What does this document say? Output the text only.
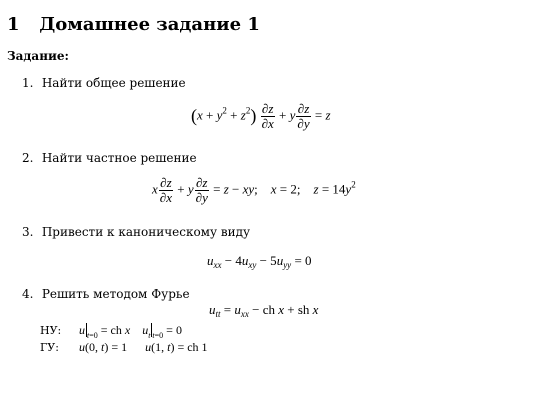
1 Домашнее задание 1
Задание:
1. Найти общее решение
$(x + y^2 + z^2) \frac{\partial z}{\partial x} + y \frac{\partial z}{\partial y} = z$
2. Найти частное решение
x $\frac{\partial z}{\partial x} + y \frac{\partial z}{\partial y} = z$ − xy;    x = 2;    $z = 14y^2$
3. Привести к каноническому виду
$u_{xx} - 4u_{xy} - 5u_{yy} = 0$
4. Решить методом Фурье
$u_{tt} = u_{xx}$ − ch x + sh x
НУ: u $_{t=0}$ = ch x $u_t$ $_{t=0}$ = 0
ГУ: u(0, t) = 1      u(1, t) = ch 1
